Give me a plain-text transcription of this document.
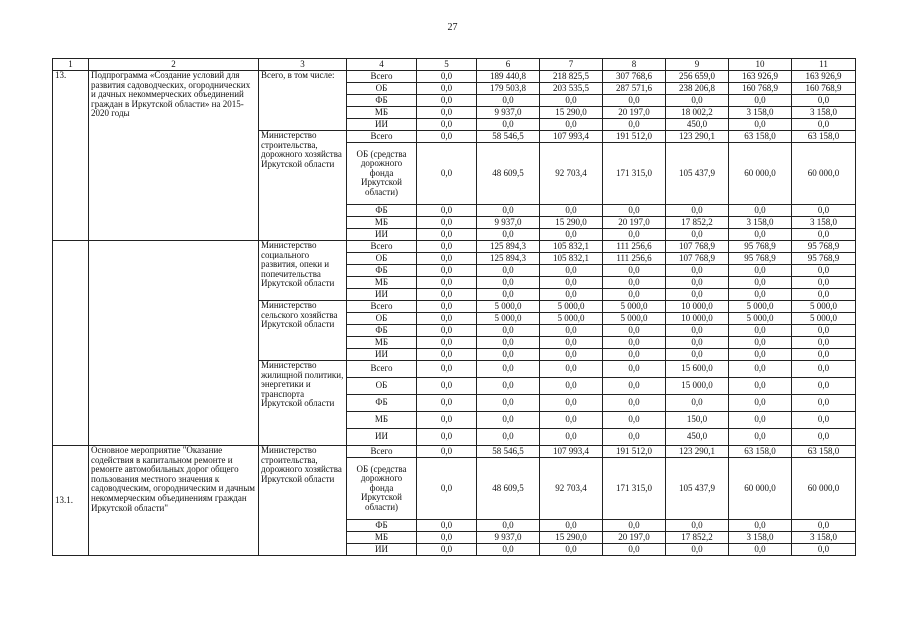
27
1	2	3	4	5	6	7	8	9	10	11
13.	Подпрограмма «Создание условий для развития садоводческих, огороднических и дачных некоммерческих объединений граждан в Иркутской области» на 2015-2020 годы	Всего, в том числе:	Всего	0,0	189 440,8	218 825,5	307 768,6	256 659,0	163 926,9	163 926,9
			ОБ	0,0	179 503,8	203 535,5	287 571,6	238 206,8	160 768,9	160 768,9
			ФБ	0,0	0,0	0,0	0,0	0,0	0,0	0,0
			МБ	0,0	9 937,0	15 290,0	20 197,0	18 002,2	3 158,0	3 158,0
			ИИ	0,0	0,0	0,0	0,0	450,0	0,0	0,0
		Министерство строительства, дорожного хозяйства Иркутской области	Всего	0,0	58 546,5	107 993,4	191 512,0	123 290,1	63 158,0	63 158,0
			ОБ (средства дорожного фонда Иркутской области)	0,0	48 609,5	92 703,4	171 315,0	105 437,9	60 000,0	60 000,0
			ФБ	0,0	0,0	0,0	0,0	0,0	0,0	0,0
			МБ	0,0	9 937,0	15 290,0	20 197,0	17 852,2	3 158,0	3 158,0
			ИИ	0,0	0,0	0,0	0,0	0,0	0,0	0,0
		Министерство социального развития, опеки и попечительства Иркутской области	Всего	0,0	125 894,3	105 832,1	111 256,6	107 768,9	95 768,9	95 768,9
			ОБ	0,0	125 894,3	105 832,1	111 256,6	107 768,9	95 768,9	95 768,9
			ФБ	0,0	0,0	0,0	0,0	0,0	0,0	0,0
			МБ	0,0	0,0	0,0	0,0	0,0	0,0	0,0
			ИИ	0,0	0,0	0,0	0,0	0,0	0,0	0,0
		Министерство сельского хозяйства Иркутской области	Всего	0,0	5 000,0	5 000,0	5 000,0	10 000,0	5 000,0	5 000,0
			ОБ	0,0	5 000,0	5 000,0	5 000,0	10 000,0	5 000,0	5 000,0
			ФБ	0,0	0,0	0,0	0,0	0,0	0,0	0,0
			МБ	0,0	0,0	0,0	0,0	0,0	0,0	0,0
			ИИ	0,0	0,0	0,0	0,0	0,0	0,0	0,0
		Министерство жилищной политики, энергетики и транспорта Иркутской области	Всего	0,0	0,0	0,0	0,0	15 600,0	0,0	0,0
			ОБ	0,0	0,0	0,0	0,0	15 000,0	0,0	0,0
			ФБ	0,0	0,0	0,0	0,0	0,0	0,0	0,0
			МБ	0,0	0,0	0,0	0,0	150,0	0,0	0,0
			ИИ	0,0	0,0	0,0	0,0	450,0	0,0	0,0
13.1.	Основное мероприятие "Оказание содействия в капитальном ремонте и ремонте автомобильных дорог общего пользования местного значения к садоводческим, огородническим и дачным некоммерческим объединениям граждан Иркутской области"	Министерство строительства, дорожного хозяйства Иркутской области	Всего	0,0	58 546,5	107 993,4	191 512,0	123 290,1	63 158,0	63 158,0
			ОБ (средства дорожного фонда Иркутской области)	0,0	48 609,5	92 703,4	171 315,0	105 437,9	60 000,0	60 000,0
			ФБ	0,0	0,0	0,0	0,0	0,0	0,0	0,0
			МБ	0,0	9 937,0	15 290,0	20 197,0	17 852,2	3 158,0	3 158,0
			ИИ	0,0	0,0	0,0	0,0	0,0	0,0	0,0
